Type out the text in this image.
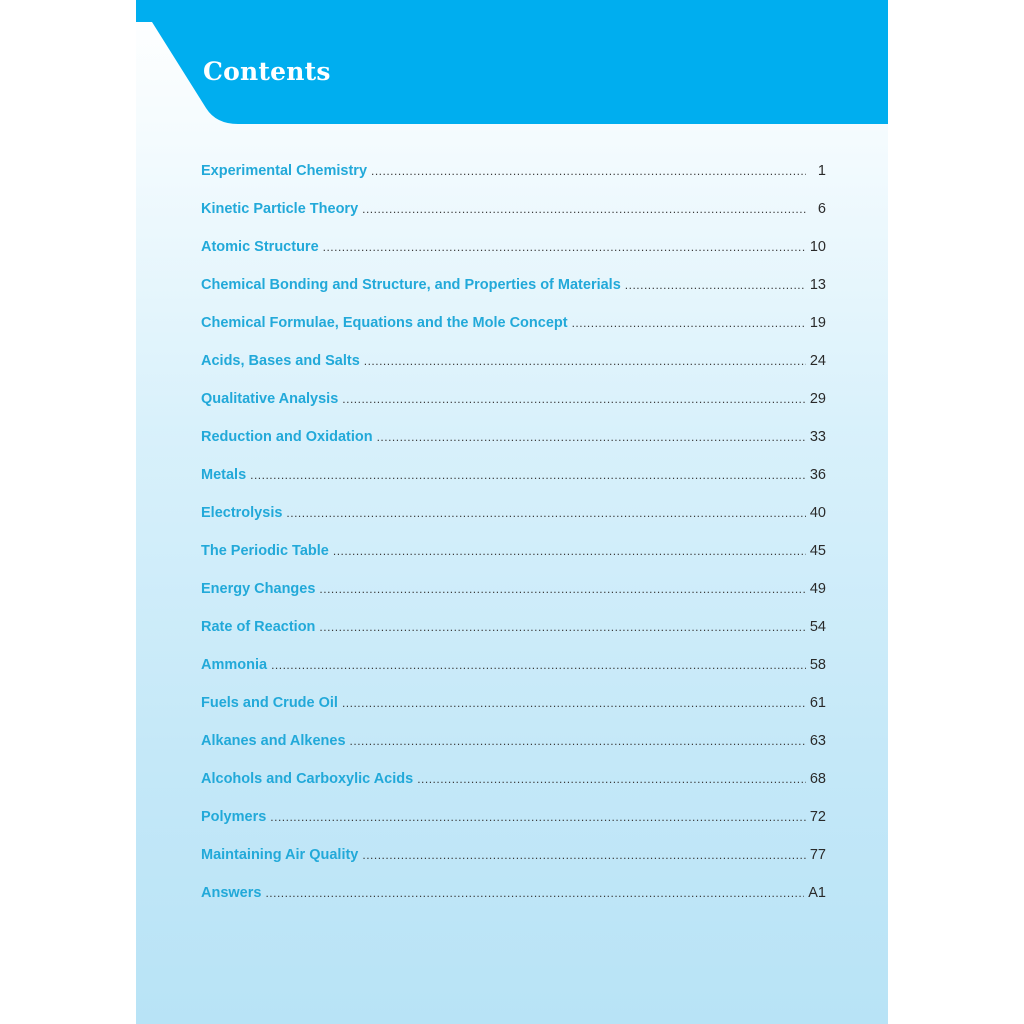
Contents
Experimental Chemistry .....	1
Kinetic Particle Theory .....	6
Atomic Structure .....	10
Chemical Bonding and Structure, and Properties of Materials .....	13
Chemical Formulae, Equations and the Mole Concept .....	19
Acids, Bases and Salts .....	24
Qualitative Analysis .....	29
Reduction and Oxidation .....	33
Metals .....	36
Electrolysis .....	40
The Periodic Table .....	45
Energy Changes .....	49
Rate of Reaction .....	54
Ammonia .....	58
Fuels and Crude Oil .....	61
Alkanes and Alkenes .....	63
Alcohols and Carboxylic Acids .....	68
Polymers .....	72
Maintaining Air Quality .....	77
Answers .....	A1
